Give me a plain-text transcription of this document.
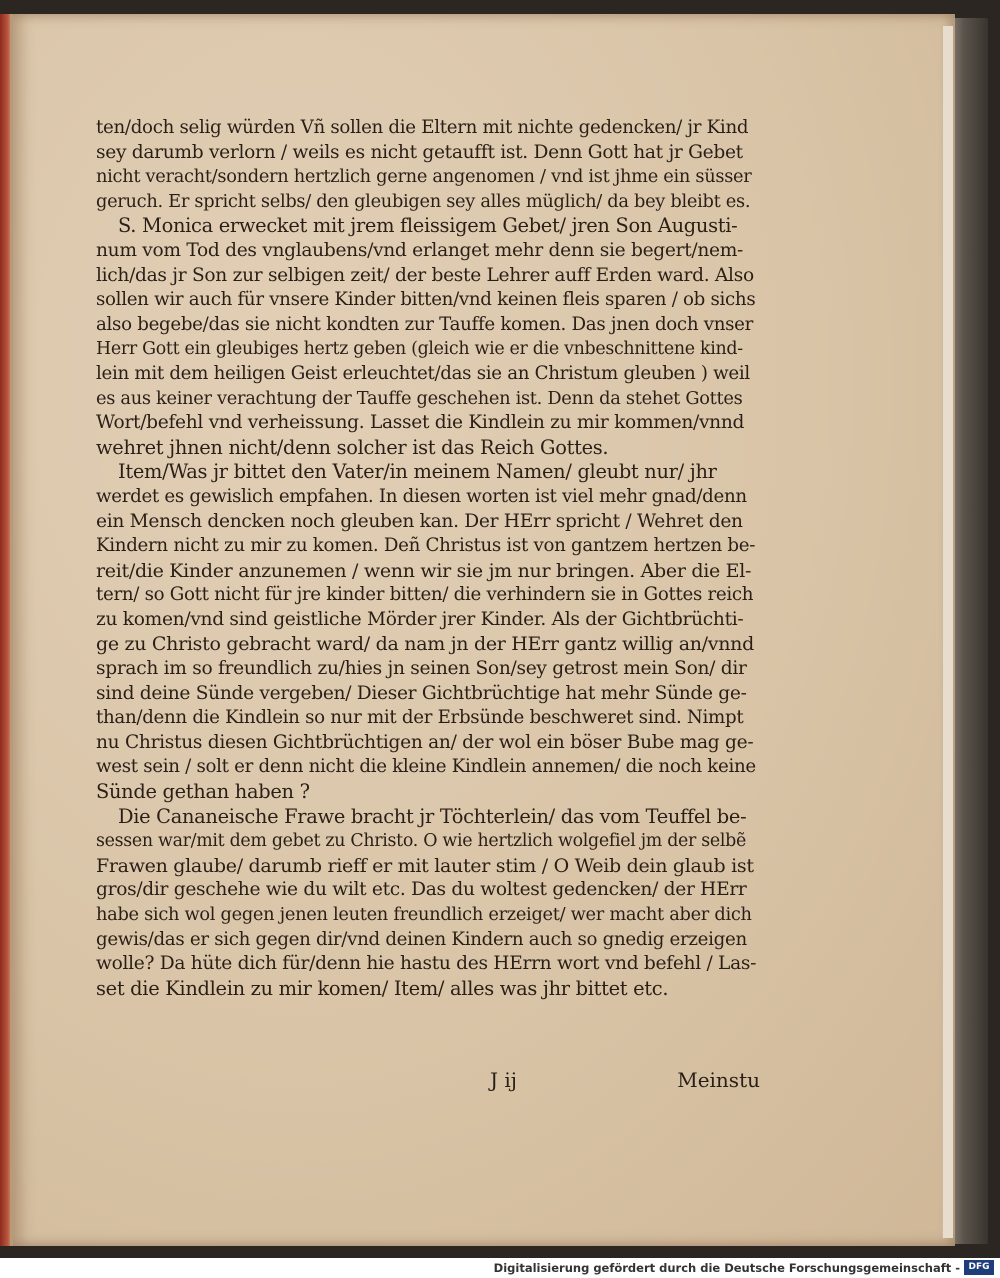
ten/doch selig würden Vñ sollen die Eltern mit nichte gedencken/ jr Kind
sey darumb verlorn / weils es nicht getaufft ist. Denn Gott hat jr Gebet
nicht veracht/sondern hertzlich gerne angenomen / vnd ist jhme ein süsser
geruch. Er spricht selbs/ den gleubigen sey alles müglich/ da bey bleibt es.
S. Monica erwecket mit jrem fleissigem Gebet/ jren Son Augusti-
num vom Tod des vnglaubens/vnd erlanget mehr denn sie begert/nem-
lich/das jr Son zur selbigen zeit/ der beste Lehrer auff Erden ward. Also
sollen wir auch für vnsere Kinder bitten/vnd keinen fleis sparen / ob sichs
also begebe/das sie nicht kondten zur Tauffe komen. Das jnen doch vnser
Herr Gott ein gleubiges hertz geben (gleich wie er die vnbeschnittene kind-
lein mit dem heiligen Geist erleuchtet/das sie an Christum gleuben ) weil
es aus keiner verachtung der Tauffe geschehen ist. Denn da stehet Gottes
Wort/befehl vnd verheissung. Lasset die Kindlein zu mir kommen/vnnd
wehret jhnen nicht/denn solcher ist das Reich Gottes.
Item/Was jr bittet den Vater/in meinem Namen/ gleubt nur/ jhr
werdet es gewislich empfahen. In diesen worten ist viel mehr gnad/denn
ein Mensch dencken noch gleuben kan. Der HErr spricht / Wehret den
Kindern nicht zu mir zu komen. Deñ Christus ist von gantzem hertzen be-
reit/die Kinder anzunemen / wenn wir sie jm nur bringen. Aber die El-
tern/ so Gott nicht für jre kinder bitten/ die verhindern sie in Gottes reich
zu komen/vnd sind geistliche Mörder jrer Kinder. Als der Gichtbrüchti-
ge zu Christo gebracht ward/ da nam jn der HErr gantz willig an/vnnd
sprach im so freundlich zu/hies jn seinen Son/sey getrost mein Son/ dir
sind deine Sünde vergeben/ Dieser Gichtbrüchtige hat mehr Sünde ge-
than/denn die Kindlein so nur mit der Erbsünde beschweret sind. Nimpt
nu Christus diesen Gichtbrüchtigen an/ der wol ein böser Bube mag ge-
west sein / solt er denn nicht die kleine Kindlein annemen/ die noch keine
Sünde gethan haben ?
Die Cananeische Frawe bracht jr Töchterlein/ das vom Teuffel be-
sessen war/mit dem gebet zu Christo. O wie hertzlich wolgefiel jm der selbẽ
Frawen glaube/ darumb rieff er mit lauter stim / O Weib dein glaub ist
gros/dir geschehe wie du wilt etc. Das du woltest gedencken/ der HErr
habe sich wol gegen jenen leuten freundlich erzeiget/ wer macht aber dich
gewis/das er sich gegen dir/vnd deinen Kindern auch so gnedig erzeigen
wolle? Da hüte dich für/denn hie hastu des HErrn wort vnd befehl / Las-
set die Kindlein zu mir komen/ Item/ alles was jhr bittet etc.
J ij	Meinstu
Digitalisierung gefördert durch die Deutsche Forschungsgemeinschaft - DFG
